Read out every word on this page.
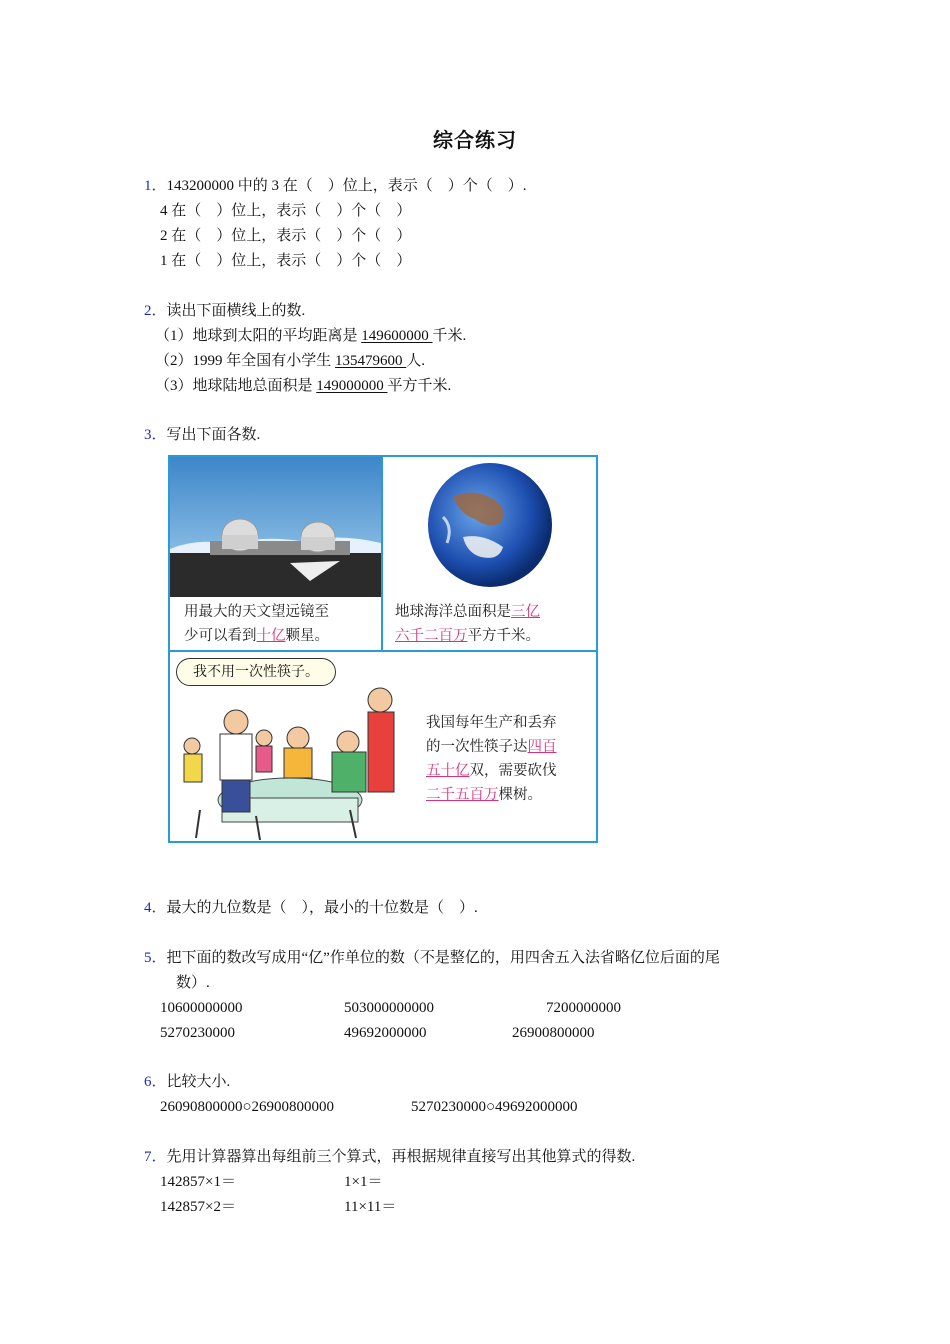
综合练习
1．143200000 中的 3 在（    ）位上，表示（    ）个（    ）.
4 在（    ）位上，表示（    ）个（    ）
2 在（    ）位上，表示（    ）个（    ）
1 在（    ）位上，表示（    ）个（    ）
2．读出下面横线上的数.
（1）地球到太阳的平均距离是 149600000 千米.
（2）1999 年全国有小学生 135479600 人.
（3）地球陆地总面积是 149000000 平方千米.
3．写出下面各数.
用最大的天文望远镜至
少可以看到十亿颗星。
地球海洋总面积是三亿
六千二百万平方千米。
我不用一次性筷子。
我国每年生产和丢弃
的一次性筷子达四百
五十亿双，需要砍伐
二千五百万棵树。
4．最大的九位数是（    ），最小的十位数是（    ）.
5．把下面的数改写成用“亿”作单位的数（不是整亿的，用四舍五入法省略亿位后面的尾
数）.
10600000000	503000000000	7200000000
5270230000	49692000000	26900800000
6．比较大小.
26090800000○26900800000	5270230000○49692000000
7．先用计算器算出每组前三个算式，再根据规律直接写出其他算式的得数.
142857×1＝	1×1＝
142857×2＝	11×11＝
